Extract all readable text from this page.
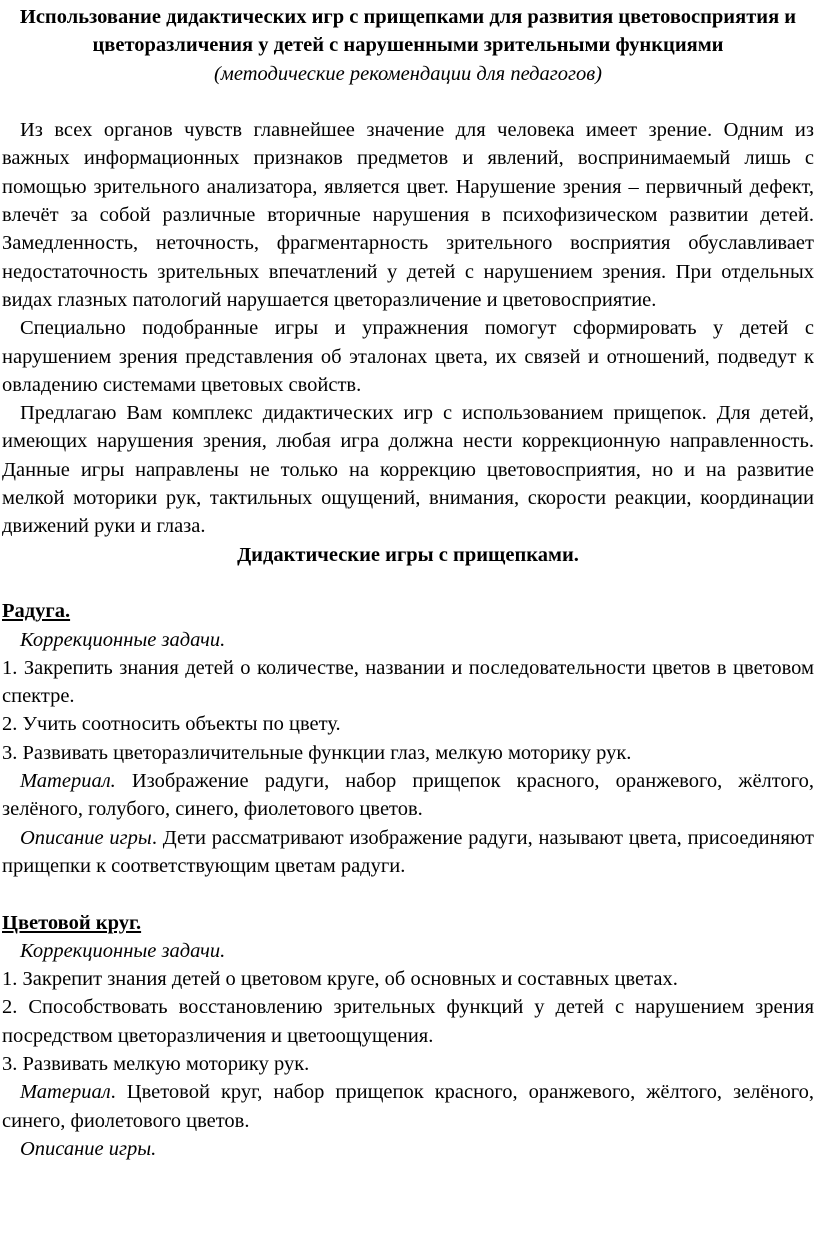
Использование дидактических игр с прищепками для развития цветовосприятия и цветоразличения у детей с нарушенными зрительными функциями

(методические рекомендации для педагогов)

Из всех органов чувств главнейшее значение для человека имеет зрение. Одним из важных информационных признаков предметов и явлений, воспринимаемый лишь с помощью зрительного анализатора, является цвет. Нарушение зрения – первичный дефект, влечёт за собой различные вторичные нарушения в психофизическом развитии детей. Замедленность, неточность, фрагментарность зрительного восприятия обуславливает недостаточность зрительных впечатлений у детей с нарушением зрения. При отдельных видах глазных патологий нарушается цветоразличение и цветовосприятие.

Специально подобранные игры и упражнения помогут сформировать у детей с нарушением зрения представления об эталонах цвета, их связей и отношений, подведут к овладению системами цветовых свойств.

Предлагаю Вам комплекс дидактических игр с использованием прищепок. Для детей, имеющих нарушения зрения, любая игра должна нести коррекционную направленность. Данные игры направлены не только на коррекцию цветовосприятия, но и на развитие мелкой моторики рук, тактильных ощущений, внимания, скорости реакции, координации движений руки и глаза.

Дидактические игры с прищепками.

Радуга.

Коррекционные задачи.

1. Закрепить знания детей о количестве, названии и последовательности цветов в цветовом спектре.

2. Учить соотносить объекты по цвету.

3. Развивать цветоразличительные функции глаз, мелкую моторику рук.

Материал. Изображение радуги, набор прищепок красного, оранжевого, жёлтого, зелёного, голубого, синего, фиолетового цветов.

Описание игры. Дети рассматривают изображение радуги, называют цвета, присоединяют прищепки к соответствующим цветам радуги.

Цветовой круг.

Коррекционные задачи.

1. Закрепит знания детей о цветовом круге, об основных и составных цветах.

2. Способствовать восстановлению зрительных функций у детей с нарушением зрения посредством цветоразличения и цветоощущения.

3. Развивать мелкую моторику рук.

Материал. Цветовой круг, набор прищепок красного, оранжевого, жёлтого, зелёного, синего, фиолетового цветов.

Описание игры.
